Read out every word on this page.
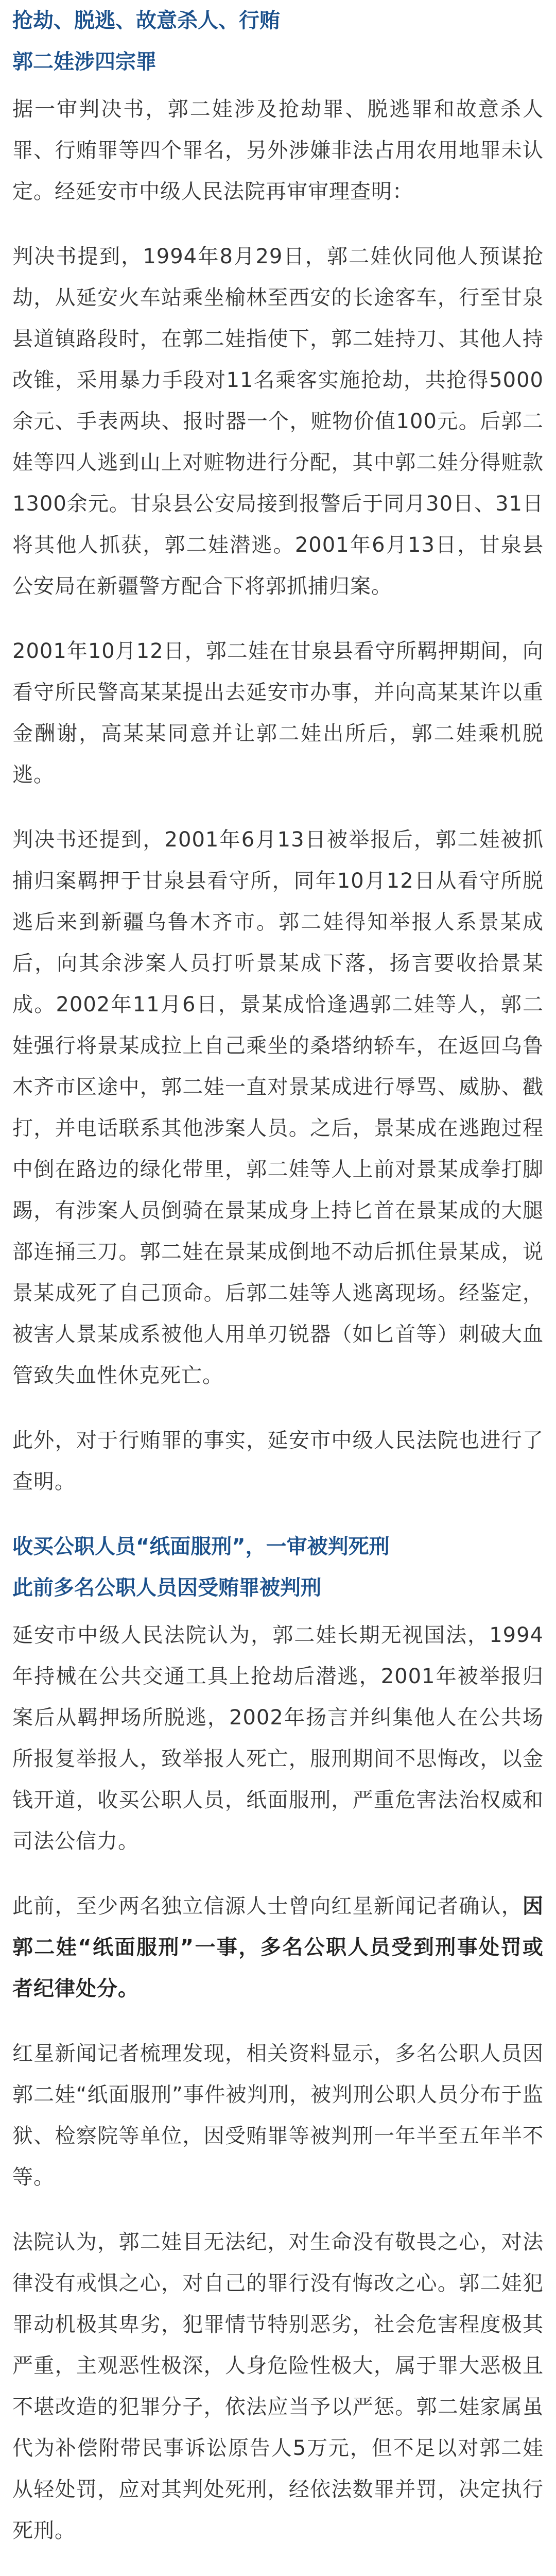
抢劫、脱逃、故意杀人、行贿
郭二娃涉四宗罪

据一审判决书，郭二娃涉及抢劫罪、脱逃罪和故意杀人罪、行贿罪等四个罪名，另外涉嫌非法占用农用地罪未认定。经延安市中级人民法院再审审理查明：

判决书提到，1994年8月29日，郭二娃伙同他人预谋抢劫，从延安火车站乘坐榆林至西安的长途客车，行至甘泉县道镇路段时，在郭二娃指使下，郭二娃持刀、其他人持改锥，采用暴力手段对11名乘客实施抢劫，共抢得5000余元、手表两块、报时器一个，赃物价值100元。后郭二娃等四人逃到山上对赃物进行分配，其中郭二娃分得赃款1300余元。甘泉县公安局接到报警后于同月30日、31日将其他人抓获，郭二娃潜逃。2001年6月13日，甘泉县公安局在新疆警方配合下将郭抓捕归案。

2001年10月12日，郭二娃在甘泉县看守所羁押期间，向看守所民警高某某提出去延安市办事，并向高某某许以重金酬谢，高某某同意并让郭二娃出所后，郭二娃乘机脱逃。

判决书还提到，2001年6月13日被举报后，郭二娃被抓捕归案羁押于甘泉县看守所，同年10月12日从看守所脱逃后来到新疆乌鲁木齐市。郭二娃得知举报人系景某成后，向其余涉案人员打听景某成下落，扬言要收拾景某成。2002年11月6日，景某成恰逢遇郭二娃等人，郭二娃强行将景某成拉上自己乘坐的桑塔纳轿车，在返回乌鲁木齐市区途中，郭二娃一直对景某成进行辱骂、威胁、戳打，并电话联系其他涉案人员。之后，景某成在逃跑过程中倒在路边的绿化带里，郭二娃等人上前对景某成拳打脚踢，有涉案人员倒骑在景某成身上持匕首在景某成的大腿部连捅三刀。郭二娃在景某成倒地不动后抓住景某成，说景某成死了自己顶命。后郭二娃等人逃离现场。经鉴定，被害人景某成系被他人用单刃锐器（如匕首等）刺破大血管致失血性休克死亡。

此外，对于行贿罪的事实，延安市中级人民法院也进行了查明。

收买公职人员“纸面服刑”，一审被判死刑
此前多名公职人员因受贿罪被判刑

延安市中级人民法院认为，郭二娃长期无视国法，1994年持械在公共交通工具上抢劫后潜逃，2001年被举报归案后从羁押场所脱逃，2002年扬言并纠集他人在公共场所报复举报人，致举报人死亡，服刑期间不思悔改，以金钱开道，收买公职人员，纸面服刑，严重危害法治权威和司法公信力。

此前，至少两名独立信源人士曾向红星新闻记者确认，因郭二娃“纸面服刑”一事，多名公职人员受到刑事处罚或者纪律处分。

红星新闻记者梳理发现，相关资料显示，多名公职人员因郭二娃“纸面服刑”事件被判刑，被判刑公职人员分布于监狱、检察院等单位，因受贿罪等被判刑一年半至五年半不等。

法院认为，郭二娃目无法纪，对生命没有敬畏之心，对法律没有戒惧之心，对自己的罪行没有悔改之心。郭二娃犯罪动机极其卑劣，犯罪情节特别恶劣，社会危害程度极其严重，主观恶性极深，人身危险性极大，属于罪大恶极且不堪改造的犯罪分子，依法应当予以严惩。郭二娃家属虽代为补偿附带民事诉讼原告人5万元，但不足以对郭二娃从轻处罚，应对其判处死刑，经依法数罪并罚，决定执行死刑。
